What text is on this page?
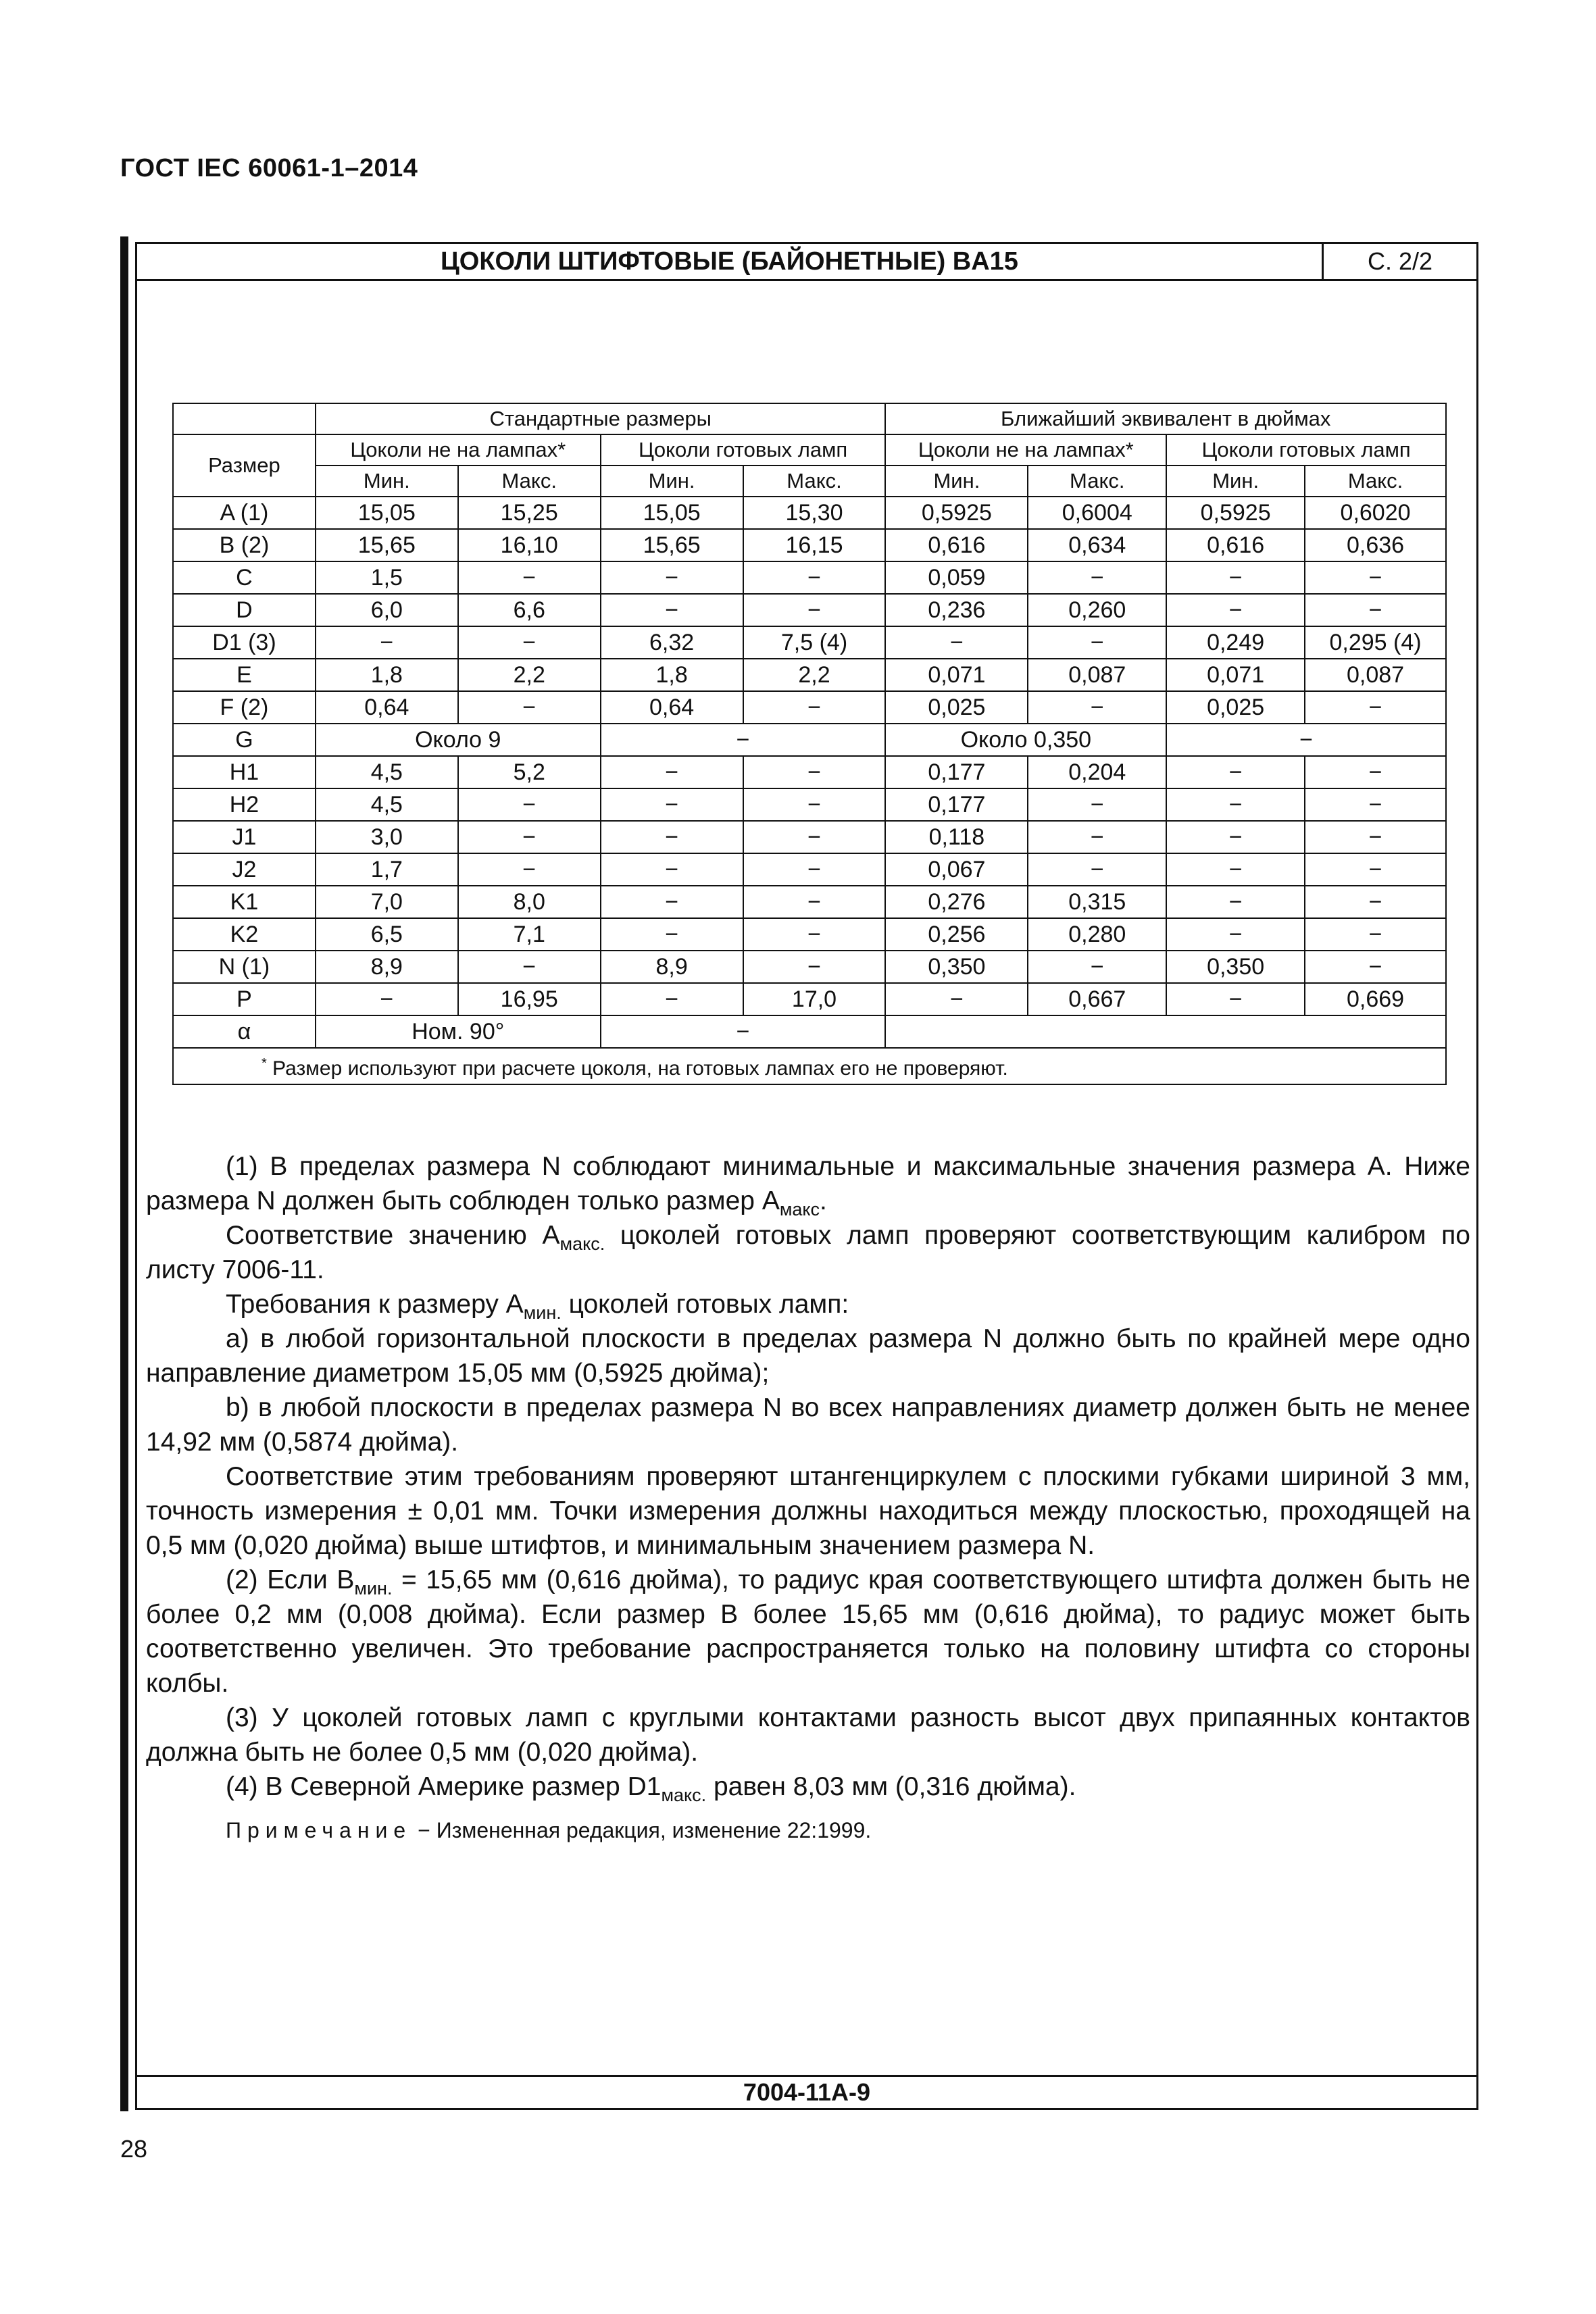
ГОСТ IEC 60061-1–2014
ЦОКОЛИ ШТИФТОВЫЕ (БАЙОНЕТНЫЕ) BA15	С. 2/2
	Стандартные размеры				Ближайший эквивалент в дюймах			
Размер	Цоколи не на лампах*		Цоколи готовых ламп		Цоколи не на лампах*		Цоколи готовых ламп	
	Мин.	Макс.	Мин.	Макс.	Мин.	Макс.	Мин.	Макс.
A (1)	15,05	15,25	15,05	15,30	0,5925	0,6004	0,5925	0,6020
B (2)	15,65	16,10	15,65	16,15	0,616	0,634	0,616	0,636
C	1,5	−	−	−	0,059	−	−	−
D	6,0	6,6	−	−	0,236	0,260	−	−
D1 (3)	−	−	6,32	7,5 (4)	−	−	0,249	0,295 (4)
E	1,8	2,2	1,8	2,2	0,071	0,087	0,071	0,087
F (2)	0,64	−	0,64	−	0,025	−	0,025	−
G	Около 9		−		Около 0,350		−	
H1	4,5	5,2	−	−	0,177	0,204	−	−
H2	4,5	−	−	−	0,177	−	−	−
J1	3,0	−	−	−	0,118	−	−	−
J2	1,7	−	−	−	0,067	−	−	−
K1	7,0	8,0	−	−	0,276	0,315	−	−
K2	6,5	7,1	−	−	0,256	0,280	−	−
N (1)	8,9	−	8,9	−	0,350	−	0,350	−
P	−	16,95	−	17,0	−	0,667	−	0,669
α	Ном. 90°		−					
* Размер используют при расчете цоколя, на готовых лампах его не проверяют.								

(1) В пределах размера N соблюдают минимальные и максимальные значения размера A. Ниже размера N должен быть соблюден только размер $A_{макс}$.

Соответствие значению $A_{макс.}$ цоколей готовых ламп проверяют соответствующим калибром по листу 7006-11.

Требования к размеру $A_{мин.}$ цоколей готовых ламп:

а) в любой горизонтальной плоскости в пределах размера N должно быть по крайней мере одно направление диаметром 15,05 мм (0,5925 дюйма);

b) в любой плоскости в пределах размера N во всех направлениях диаметр должен быть не менее 14,92 мм (0,5874 дюйма).

Соответствие этим требованиям проверяют штангенциркулем с плоскими губками шириной 3 мм, точность измерения ± 0,01 мм. Точки измерения должны находиться между плоскостью, проходящей на 0,5 мм (0,020 дюйма) выше штифтов, и минимальным значением размера N.

(2) Если $B_{мин.} = 15,65$ мм (0,616 дюйма), то радиус края соответствующего штифта должен быть не более 0,2 мм (0,008 дюйма). Если размер B более 15,65 мм (0,616 дюйма), то радиус может быть соответственно увеличен. Это требование распространяется только на половину штифта со стороны колбы.

(3) У цоколей готовых ламп с круглыми контактами разность высот двух припаянных контактов должна быть не более 0,5 мм (0,020 дюйма).

(4) В Северной Америке размер $D1_{макс.}$ равен 8,03 мм (0,316 дюйма).

Примечание − Измененная редакция, изменение 22:1999.

7004-11A-9
28
